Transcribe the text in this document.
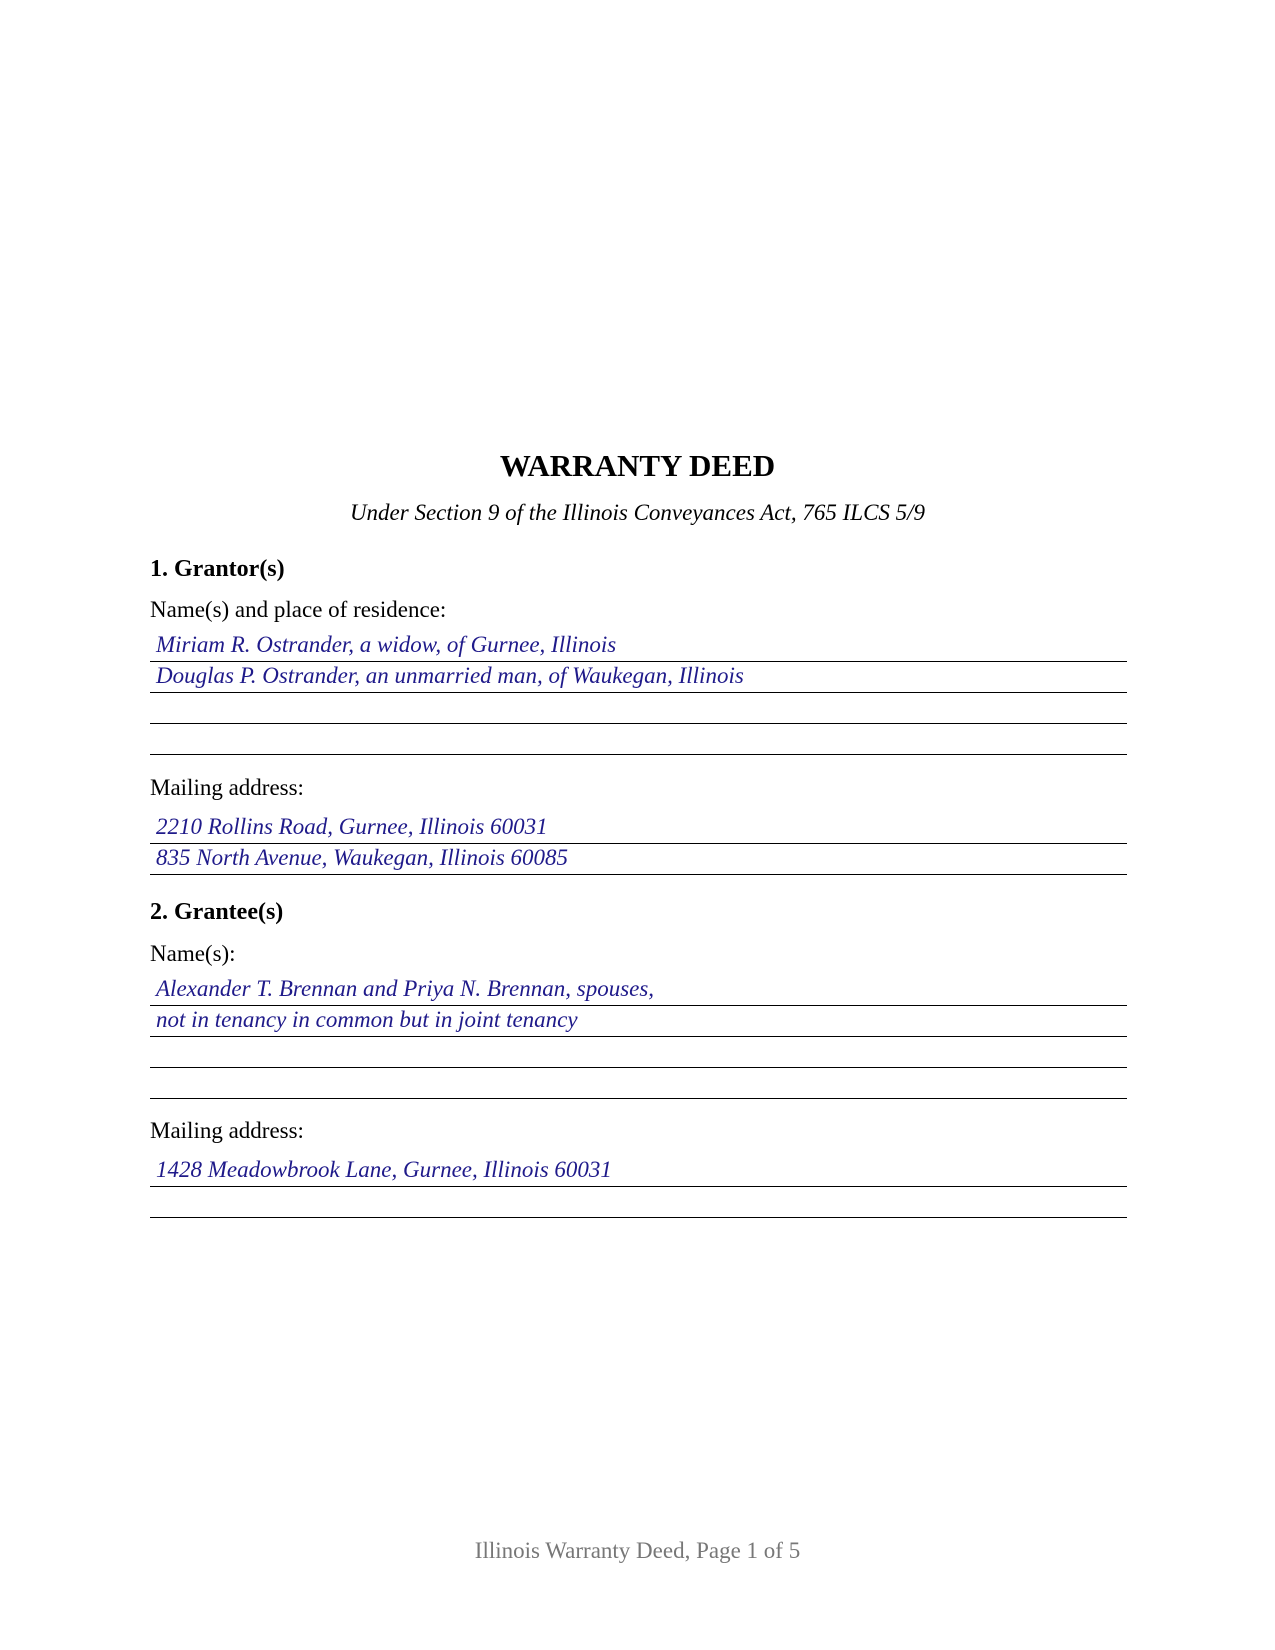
WARRANTY DEED
Under Section 9 of the Illinois Conveyances Act, 765 ILCS 5/9
1. Grantor(s)
Name(s) and place of residence:
Miriam R. Ostrander, a widow, of Gurnee, Illinois
Douglas P. Ostrander, an unmarried man, of Waukegan, Illinois
Mailing address:
2210 Rollins Road, Gurnee, Illinois 60031
835 North Avenue, Waukegan, Illinois 60085
2. Grantee(s)
Name(s):
Alexander T. Brennan and Priya N. Brennan, spouses,
not in tenancy in common but in joint tenancy
Mailing address:
1428 Meadowbrook Lane, Gurnee, Illinois 60031
Illinois Warranty Deed, Page 1 of 5
